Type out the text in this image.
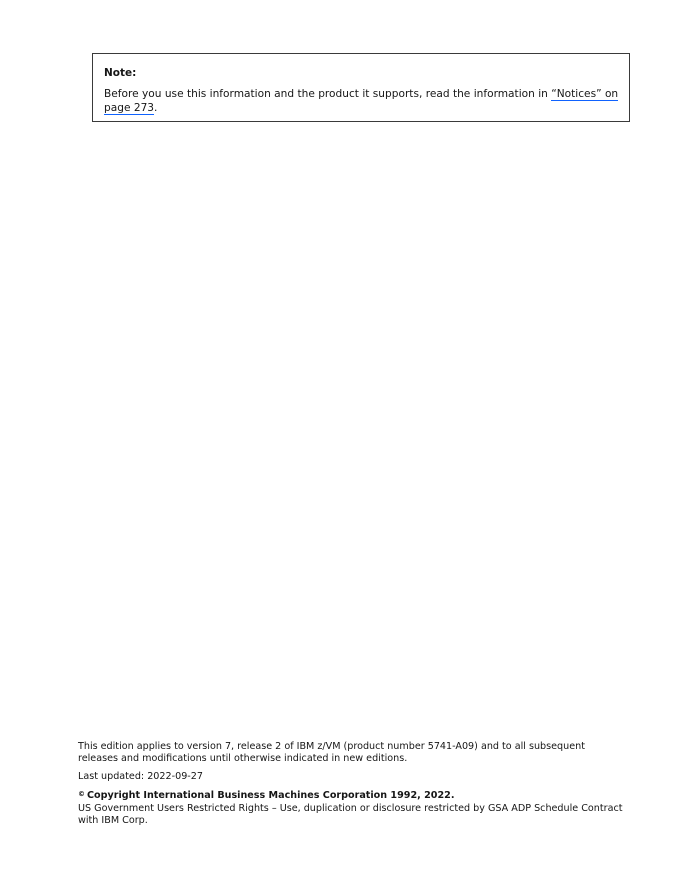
Note:

Before you use this information and the product it supports, read the information in “Notices” on page 273.

This edition applies to version 7, release 2 of IBM z/VM (product number 5741-A09) and to all subsequent releases and modifications until otherwise indicated in new editions.

Last updated: 2022-09-27

© Copyright International Business Machines Corporation 1992, 2022.

US Government Users Restricted Rights – Use, duplication or disclosure restricted by GSA ADP Schedule Contract with IBM Corp.
